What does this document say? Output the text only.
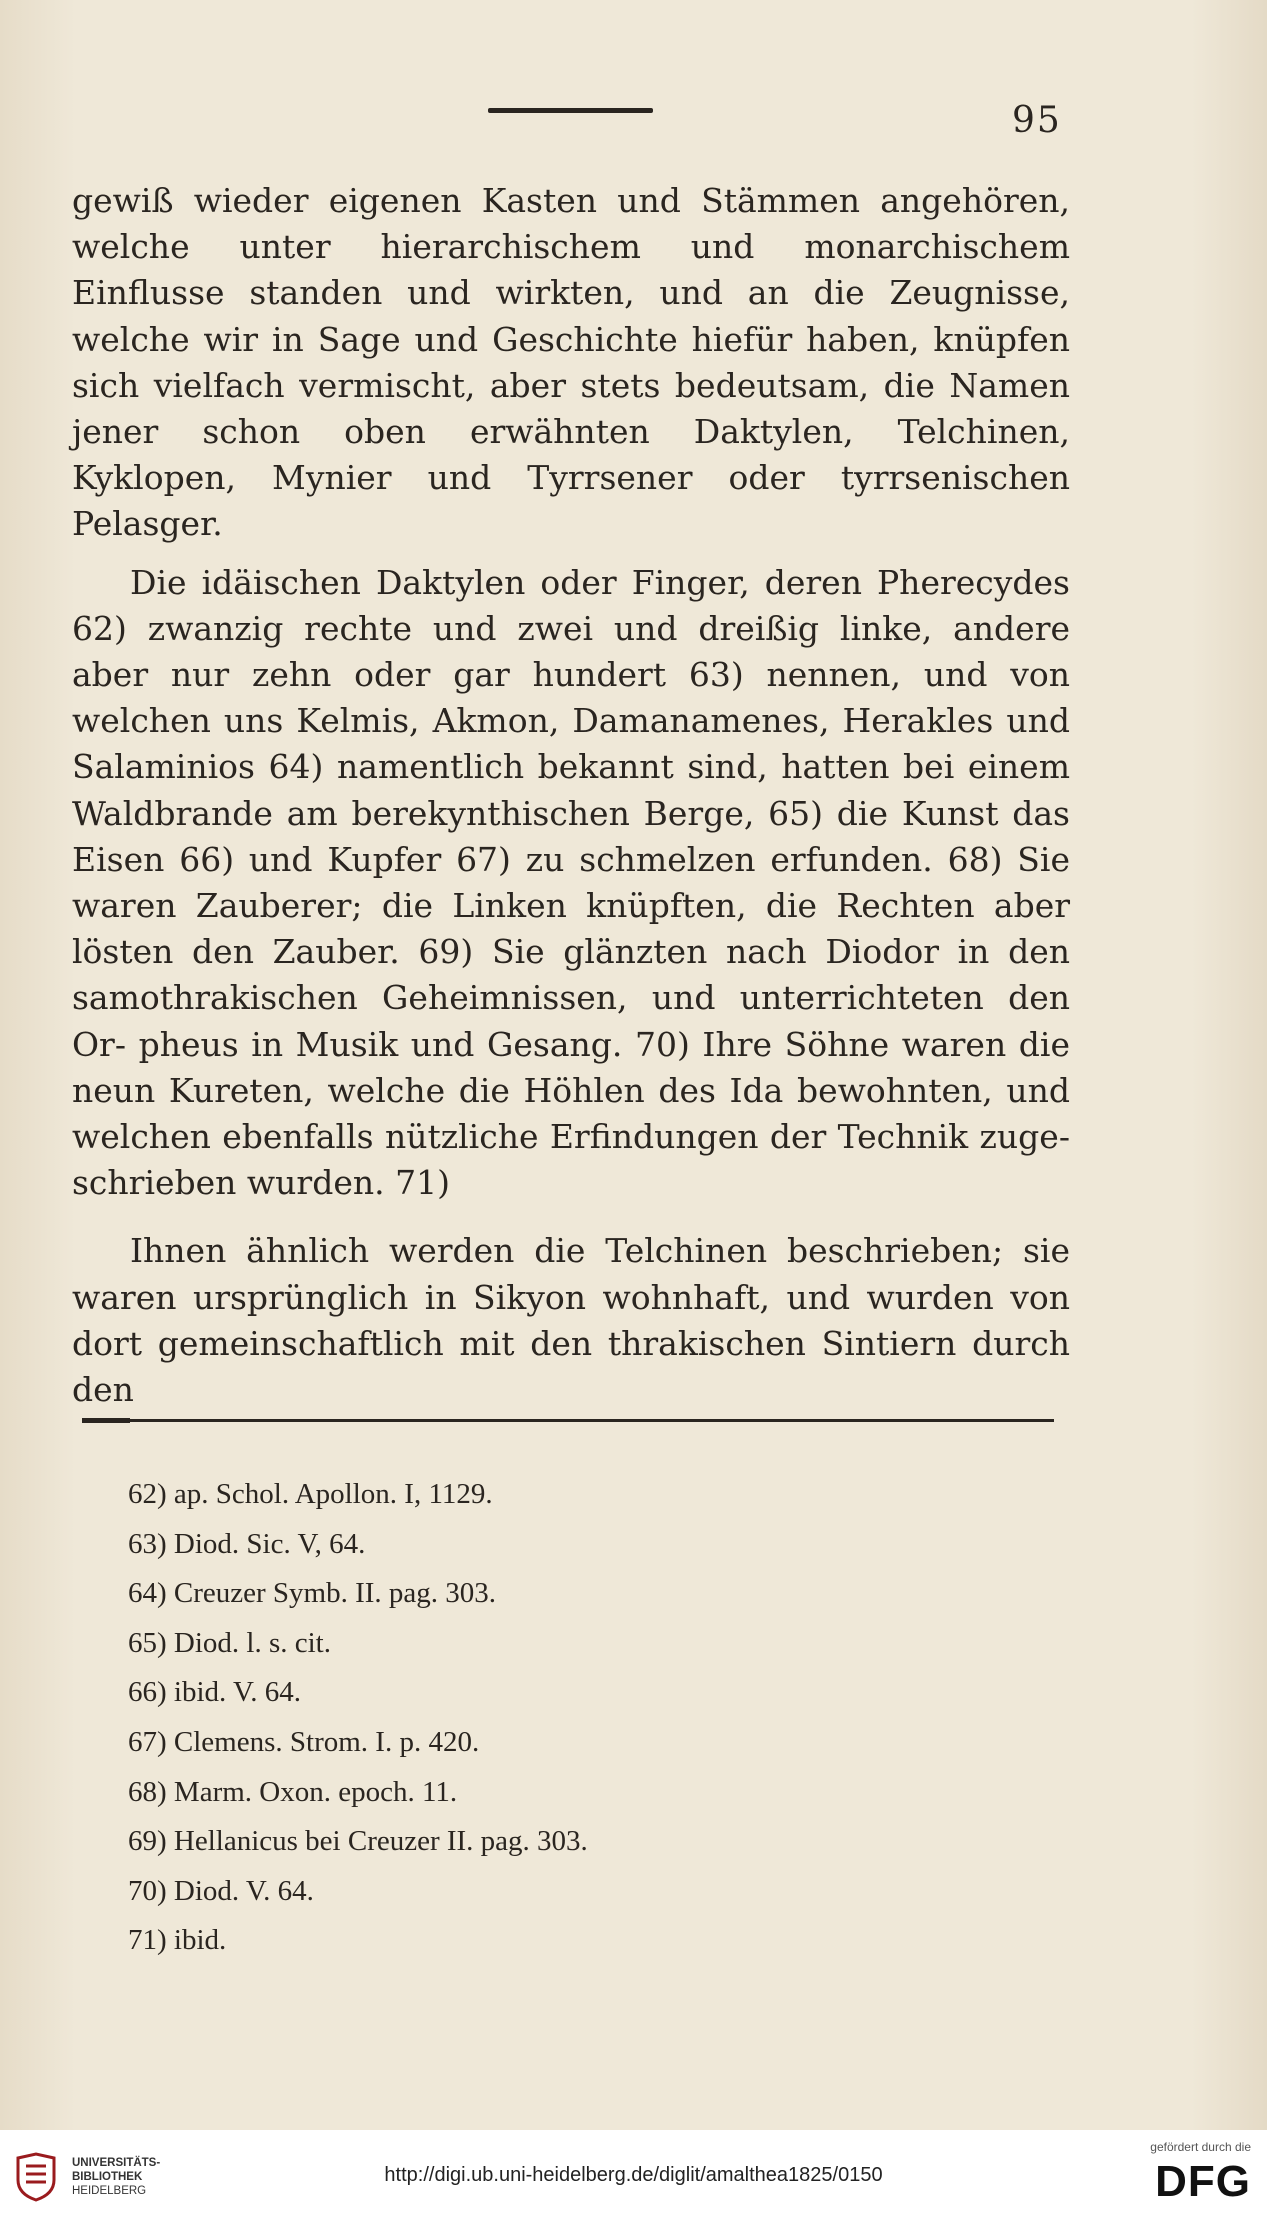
95

gewiß wieder eigenen Kasten und Stämmen angehören, welche unter hierarchischem und monarchischem Einflusse standen und wirkten, und an die Zeugnisse, welche wir in Sage und Geschichte hiefür haben, knüpfen sich vielfach vermischt, aber stets bedeutsam, die Namen jener schon oben erwähnten Daktylen, Telchinen, Kyklopen, Mynier und Tyrrsener oder tyrrsenischen Pelasger.

Die idäischen Daktylen oder Finger, deren Pherecydes 62) zwanzig rechte und zwei und dreißig linke, andere aber nur zehn oder gar hundert 63) nennen, und von welchen uns Kelmis, Akmon, Damanamenes, Herakles und Salaminios 64) namentlich bekannt sind, hatten bei einem Waldbrande am berekynthischen Berge, 65) die Kunst das Eisen 66) und Kupfer 67) zu schmelzen erfunden. 68) Sie waren Zauberer; die Linken knüpften, die Rechten aber lösten den Zauber. 69) Sie glänzten nach Diodor in den samothrakischen Geheimnissen, und unterrichteten den Or- pheus in Musik und Gesang. 70) Ihre Söhne waren die neun Kureten, welche die Höhlen des Ida bewohnten, und welchen ebenfalls nützliche Erfindungen der Technik zuge- schrieben wurden. 71)

Ihnen ähnlich werden die Telchinen beschrieben; sie waren ursprünglich in Sikyon wohnhaft, und wurden von dort gemeinschaftlich mit den thrakischen Sintiern durch den

62) ap. Schol. Apollon. I, 1129.
63) Diod. Sic. V, 64.
64) Creuzer Symb. II. pag. 303.
65) Diod. l. s. cit.
66) ibid. V. 64.
67) Clemens. Strom. I. p. 420.
68) Marm. Oxon. epoch. 11.
69) Hellanicus bei Creuzer II. pag. 303.
70) Diod. V. 64.
71) ibid.
UNIVERSITÄTS-
BIBLIOTHEK
HEIDELBERG
http://digi.ub.uni-heidelberg.de/diglit/amalthea1825/0150
gefördert durch die
DFG
